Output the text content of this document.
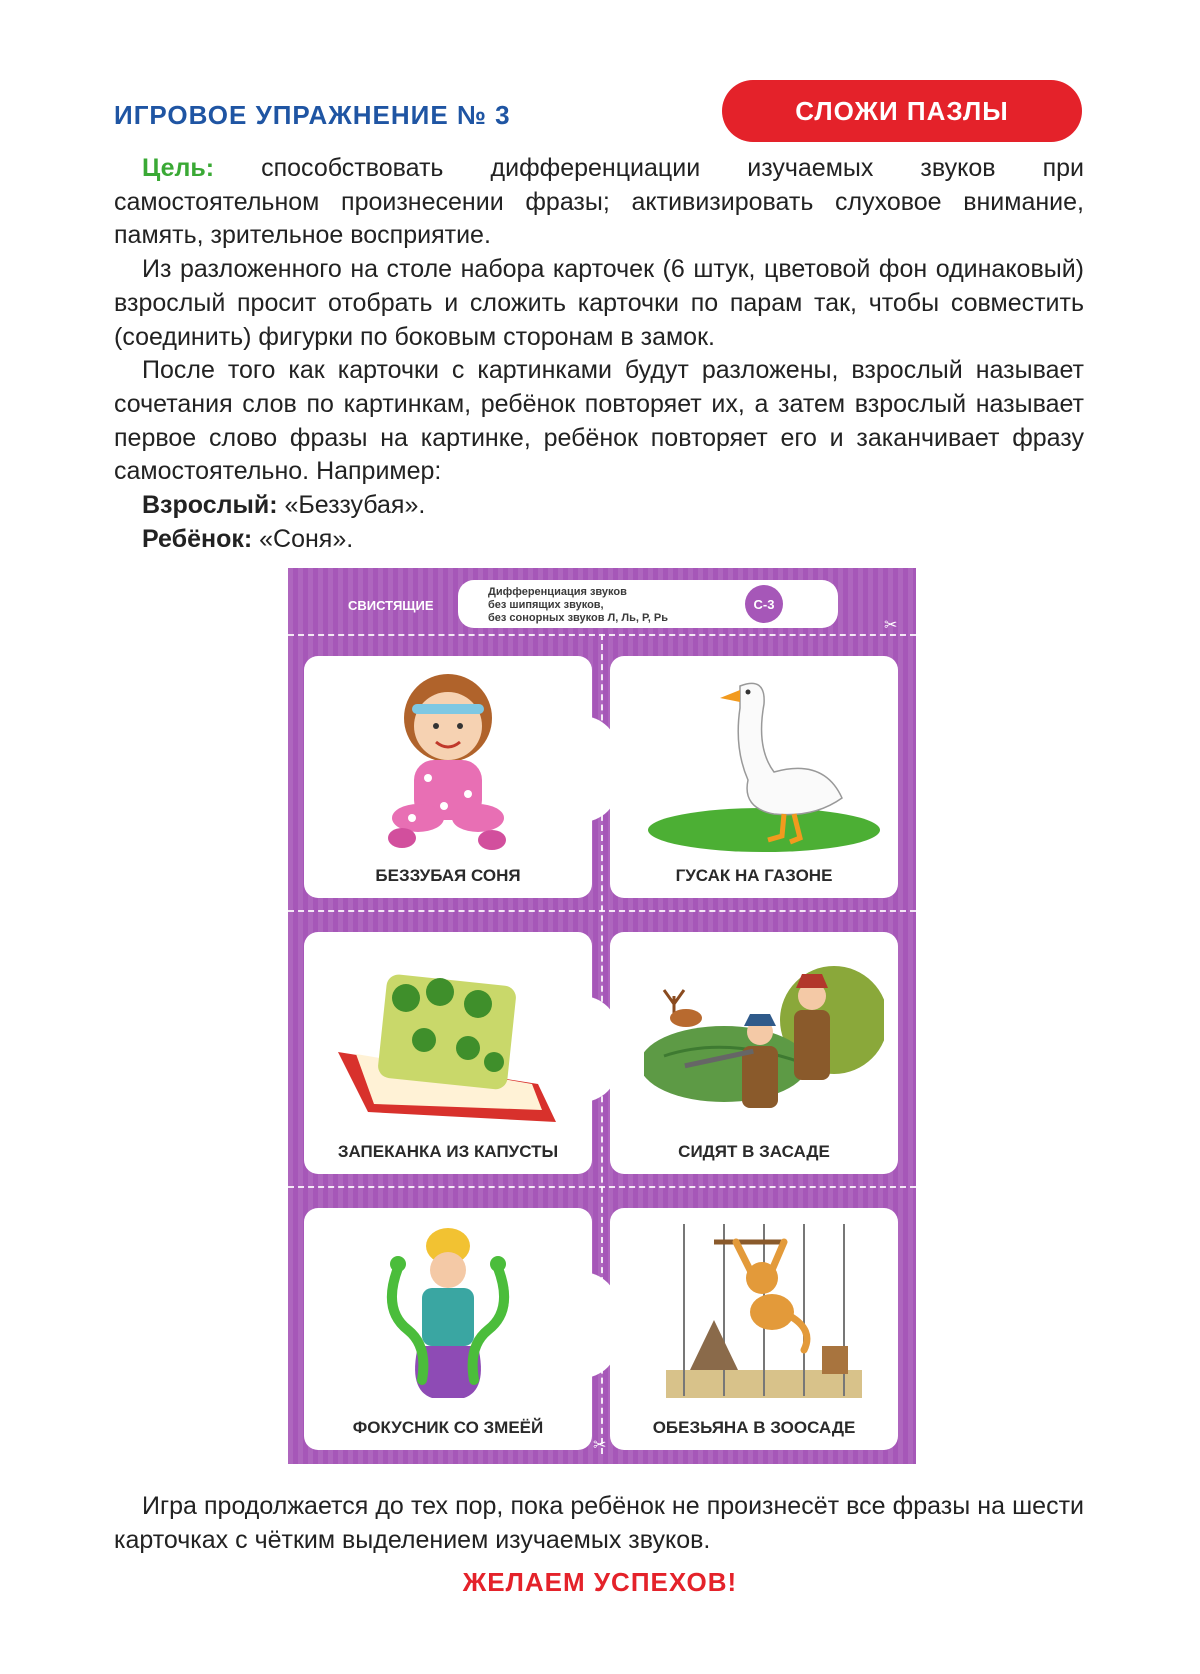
ИГРОВОЕ УПРАЖНЕНИЕ № 3	СЛОЖИ ПАЗЛЫ

Цель: способствовать дифференциации изучаемых звуков при самостоятельном произнесении фразы; активизировать слуховое внимание, память, зрительное восприятие.

Из разложенного на столе набора карточек (6 штук, цветовой фон одинаковый) взрослый просит отобрать и сложить карточки по парам так, чтобы совместить (соединить) фигурки по боковым сторонам в замок.

После того как карточки с картинками будут разложены, взрослый называет сочетания слов по картинкам, ребёнок повторяет их, а затем взрослый называет первое слово фразы на картинке, ребёнок повторяет его и заканчивает фразу самостоятельно. Например:

Взрослый: «Беззубая».

Ребёнок: «Соня».

СВИСТЯЩИЕ
Дифференциация звуков
без шипящих звуков,
без сонорных звуков Л, Ль, Р, Рь
С-3
✂
✂
БЕЗЗУБАЯ СОНЯ	ГУСАК НА ГАЗОНЕ
ЗАПЕКАНКА ИЗ КАПУСТЫ	СИДЯТ В ЗАСАДЕ
ФОКУСНИК СО ЗМЕЁЙ	ОБЕЗЬЯНА В ЗООСАДЕ

Игра продолжается до тех пор, пока ребёнок не произнесёт все фразы на шести карточках с чётким выделением изучаемых звуков.

ЖЕЛАЕМ УСПЕХОВ!
